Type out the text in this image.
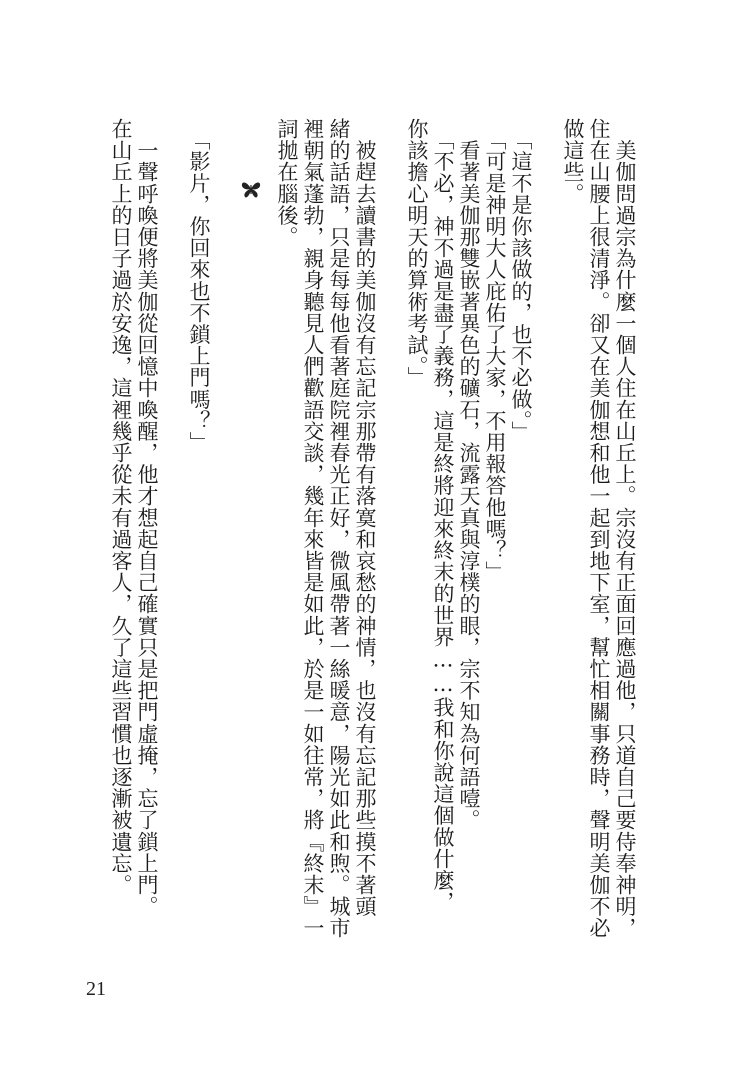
　美伽問過宗為什麼一個人住在山丘上。宗沒有正面回應過他，只道自己要侍奉神明，
住在山腰上很清淨。卻又在美伽想和他一起到地下室，幫忙相關事務時，聲明美伽不必
做這些。
　「這不是你該做的，也不必做。」
　「可是神明大人庇佑了大家，不用報答他嗎？」
　看著美伽那雙嵌著異色的礦石，流露天真與淳樸的眼，宗不知為何語噎。
　「不必，神不過是盡了義務，這是終將迎來終末的世界……我和你說這個做什麼，
你該擔心明天的算術考試。」
　被趕去讀書的美伽沒有忘記宗那帶有落寞和哀愁的神情，也沒有忘記那些摸不著頭
緒的話語，只是每每他看著庭院裡春光正好，微風帶著一絲暖意，陽光如此和煦。城市
裡朝氣蓬勃，親身聽見人們歡語交談，幾年來皆是如此，於是一如往常，將『終末』一
詞拋在腦後。
　「影片，你回來也不鎖上門嗎？」
　一聲呼喚便將美伽從回憶中喚醒，他才想起自己確實只是把門虛掩，忘了鎖上門。
在山丘上的日子過於安逸，這裡幾乎從未有過客人，久了這些習慣也逐漸被遺忘。
21
